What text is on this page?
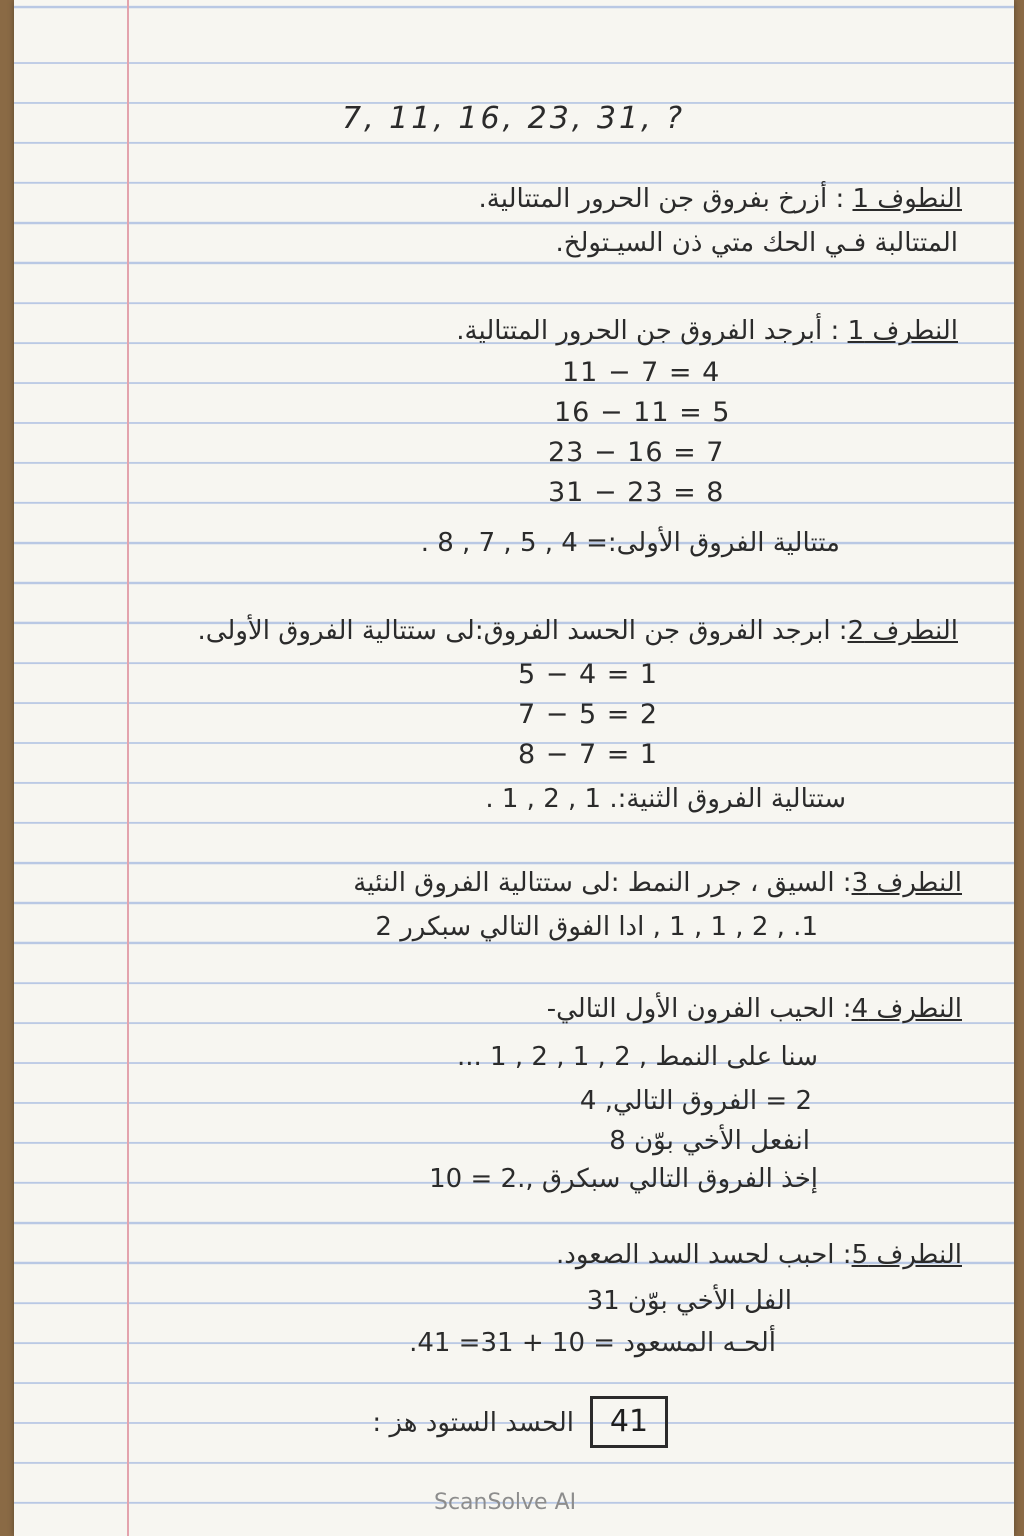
7, 11, 16, 23, 31, ?
النطوف 1 : أزرخ بفروق جن الحرور المتتالية.
المتتالبة فـي الحك متي ذن السيـتولخ.
النطرف 1 : أبرجد الفروق جن الحرور المتتالية.
11 − 7 = 4
16 − 11 = 5
23 − 16 = 7
31 − 23 = 8
متتالية الفروق الأولى:= 4 , 5 , 7 , 8 .
النطرف 2: ابرجد الفروق جن الحسد الفروق:لى ستتالية الفروق الأولى.
5 − 4 = 1
7 − 5 = 2
8 − 7 = 1
ستتالية الفروق الثنية:. 1 , 2 , 1 .
النطرف 3: السيق ، جرر النمط :لى ستتالية الفروق النئية
1. , 2 , 1 , 1 , ادا الفوق التالي سبكرر 2
النطرف 4: الحيب الفرون الأول التالي-
سنا على النمط , 2 , 1 , 2 , 1 ...
2 = الفروق التالي, 4
انفعل الأخي بوّن 8
إخذ الفروق التالي سبكرق ,.2 = 10
النطرف 5: احبب لحسد السد الصعود.
الفل الأخي بوّن 31
ألحـه المسعود = 10 + 31= 41.
الحسد الستود هز :	41
ScanSolve AI
